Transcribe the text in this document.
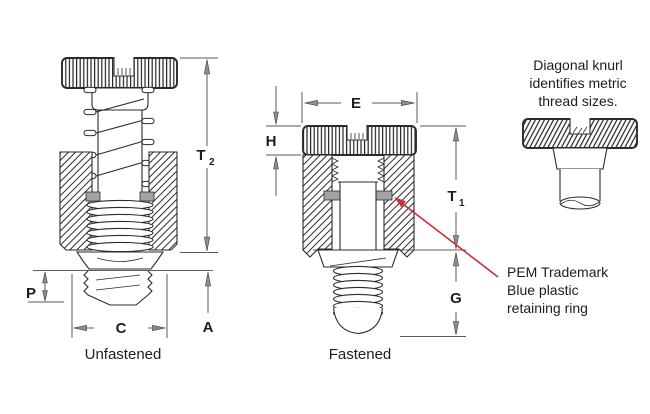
T 2
P
C	A
Unfastened
E
H
T 1
G
Fastened
Diagonal knurl
identifies metric
thread sizes.
PEM Trademark
Blue plastic
retaining ring
